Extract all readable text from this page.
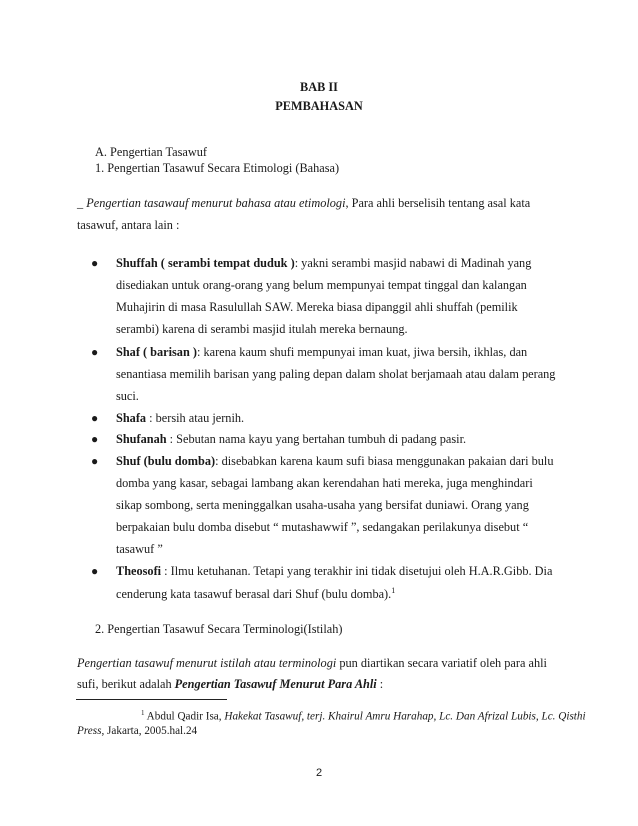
BAB II
PEMBAHASAN
A. Pengertian Tasawuf
1. Pengertian Tasawuf Secara Etimologi (Bahasa)
_ Pengertian tasawauf menurut bahasa atau etimologi, Para ahli berselisih tentang asal kata
tasawuf, antara lain :
● Shuffah ( serambi tempat duduk ): yakni serambi masjid nabawi di Madinah yang
disediakan untuk orang-orang yang belum mempunyai tempat tinggal dan kalangan
Muhajirin di masa Rasulullah SAW. Mereka biasa dipanggil ahli shuffah (pemilik
serambi) karena di serambi masjid itulah mereka bernaung.
● Shaf ( barisan ): karena kaum shufi mempunyai iman kuat, jiwa bersih, ikhlas, dan
senantiasa memilih barisan yang paling depan dalam sholat berjamaah atau dalam perang
suci.
● Shafa : bersih atau jernih.
● Shufanah : Sebutan nama kayu yang bertahan tumbuh di padang pasir.
● Shuf (bulu domba): disebabkan karena kaum sufi biasa menggunakan pakaian dari bulu
domba yang kasar, sebagai lambang akan kerendahan hati mereka, juga menghindari
sikap sombong, serta meninggalkan usaha-usaha yang bersifat duniawi. Orang yang
berpakaian bulu domba disebut “ mutashawwif ”, sedangakan perilakunya disebut “
tasawuf ”
● Theosofi : Ilmu ketuhanan. Tetapi yang terakhir ini tidak disetujui oleh H.A.R.Gibb. Dia
cenderung kata tasawuf berasal dari Shuf (bulu domba).$^1$
2. Pengertian Tasawuf Secara Terminologi(Istilah)
Pengertian tasawuf menurut istilah atau terminologi pun diartikan secara variatif oleh para ahli
sufi, berikut adalah Pengertian Tasawuf Menurut Para Ahli :
$^1$ Abdul Qadir Isa, Hakekat Tasawuf, terj. Khairul Amru Harahap, Lc. Dan Afrizal Lubis, Lc. Qisthi
Press, Jakarta, 2005.hal.24
2
